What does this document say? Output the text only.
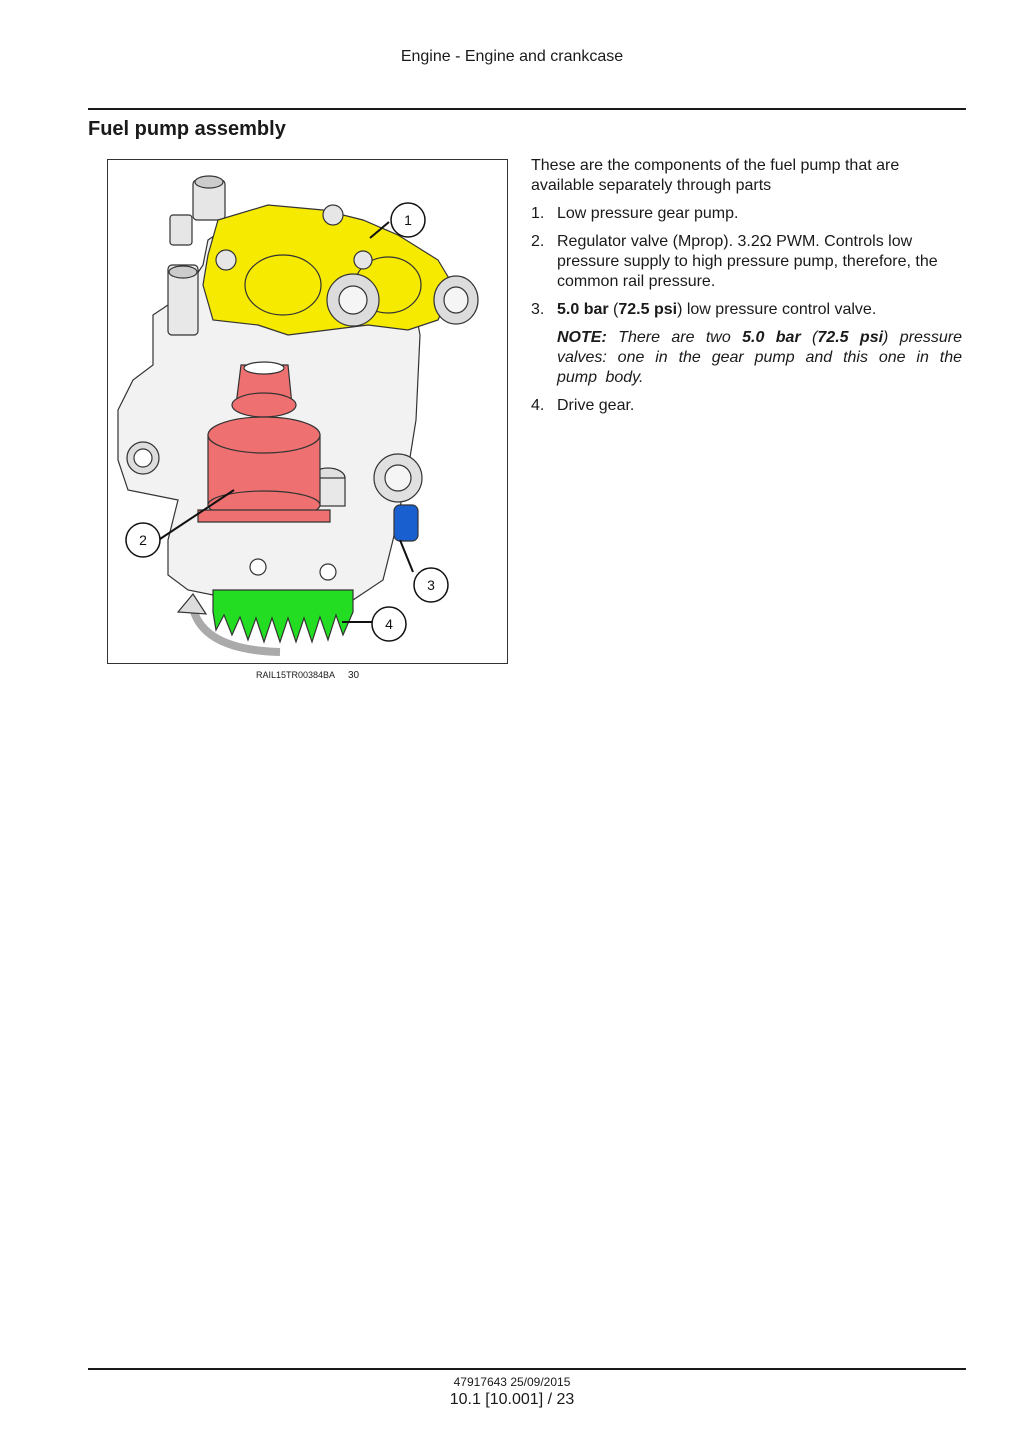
Engine - Engine and crankcase
Fuel pump assembly
1
2
3
4
RAIL15TR00384BA 30

These are the components of the fuel pump that are available separately through parts

1. Low pressure gear pump.
2. Regulator valve (Mprop). 3.2Ω PWM. Controls low pressure supply to high pressure pump, therefore, the common rail pressure.
3. 5.0 bar (72.5 psi) low pressure control valve.

NOTE: There are two 5.0 bar (72.5 psi) pressure valves: one in the gear pump and this one in the pump body.

4. Drive gear.
47917643 25/09/2015
10.1 [10.001] / 23
